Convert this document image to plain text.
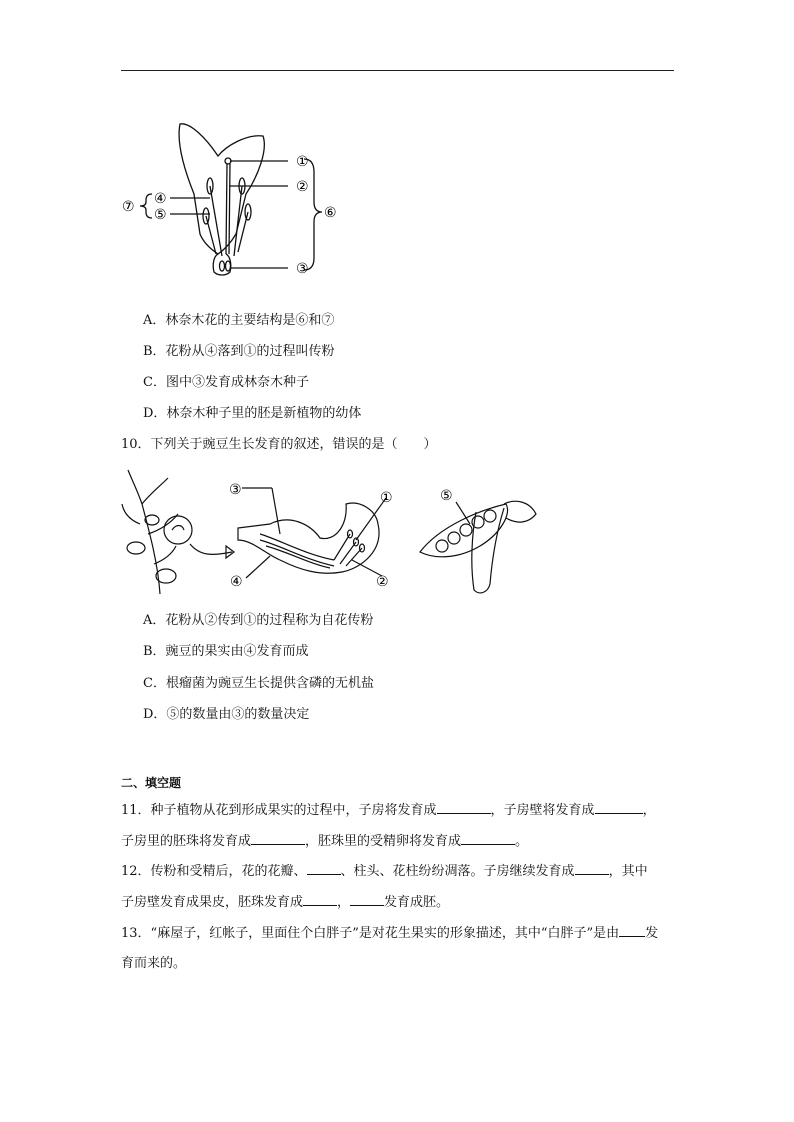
①
②
③
④
⑤	⑥
⑦
A．林奈木花的主要结构是⑥和⑦
B．花粉从④落到①的过程叫传粉
C．图中③发育成林奈木种子
D．林奈木种子里的胚是新植物的幼体
10．下列关于豌豆生长发育的叙述，错误的是（　　）
③
④
①
②
⑤
A．花粉从②传到①的过程称为自花传粉
B．豌豆的果实由④发育而成
C．根瘤菌为豌豆生长提供含磷的无机盐
D．⑤的数量由③的数量决定
二、填空题
11．种子植物从花到形成果实的过程中，子房将发育成	，子房壁将发育成	，
子房里的胚珠将发育成	，胚珠里的受精卵将发育成	。
12．传粉和受精后，花的花瓣、	、柱头、花柱纷纷凋落。子房继续发育成	，其中
子房壁发育成果皮，胚珠发育成	，	发育成胚。
13．“麻屋子，红帐子，里面住个白胖子”是对花生果实的形象描述，其中“白胖子”是由 发
育而来的。
